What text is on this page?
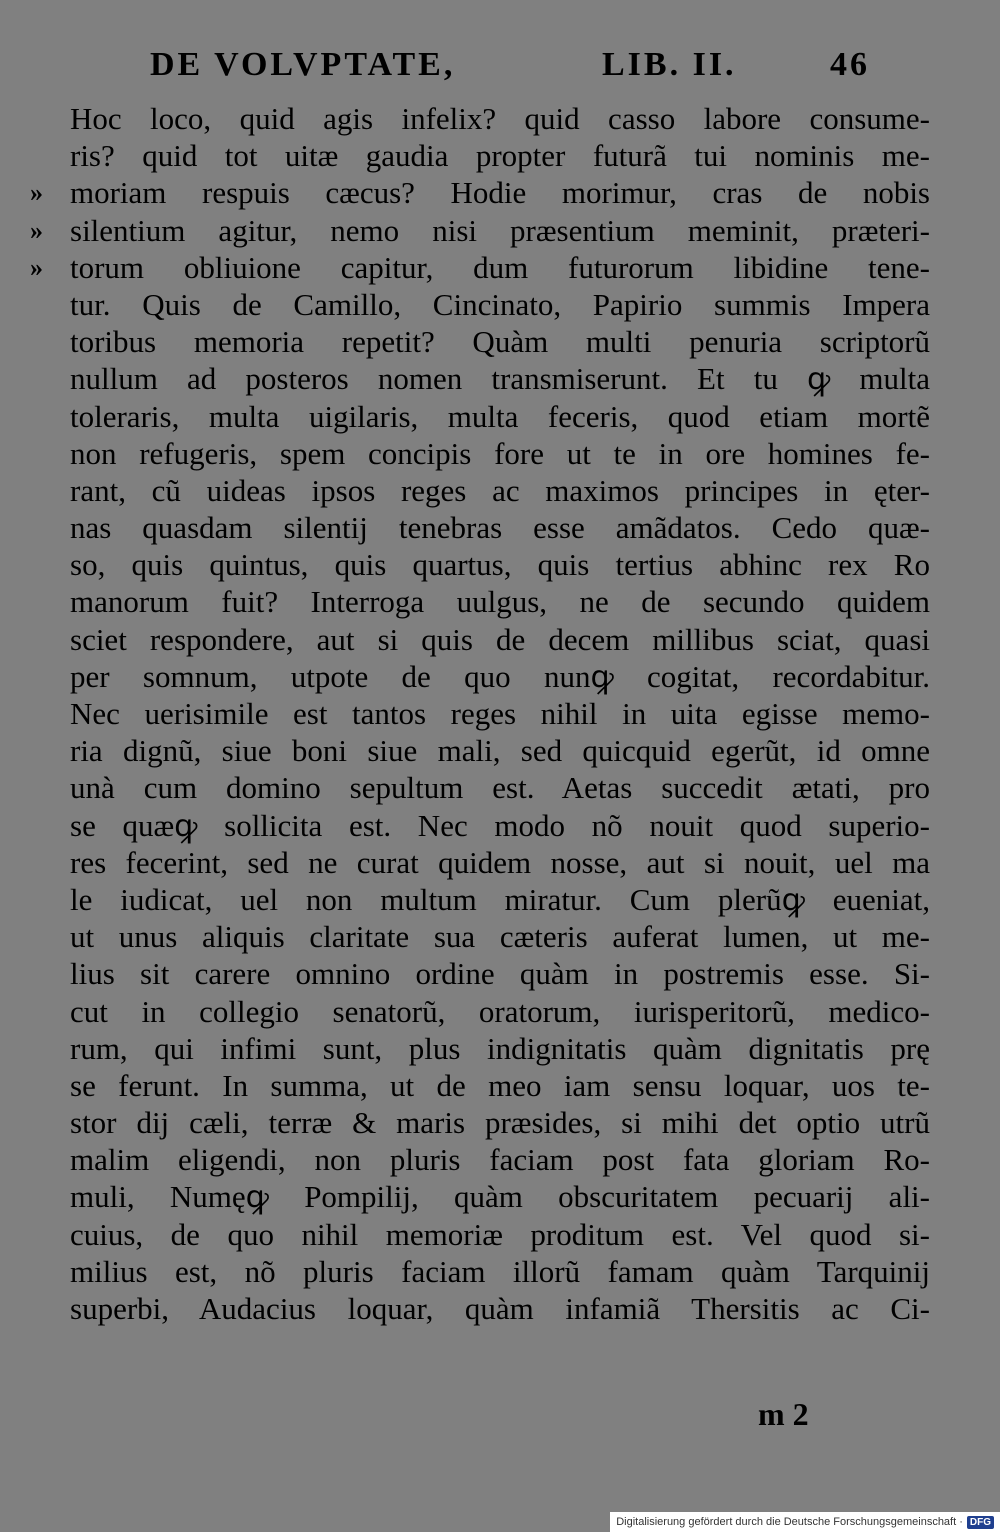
DE VOLVPTATE,	LIB. II.	46
»
»
»
Hoc loco, quid agis infelix? quid casso labore consume-
ris? quid tot uitæ gaudia propter futurã tui nominis me-
moriam respuis cæcus? Hodie morimur, cras de nobis
silentium agitur, nemo nisi præsentium meminit, præteri-
torum obliuione capitur, dum futurorum libidine tene-
tur. Quis de Camillo, Cincinato, Papirio summis Impera
toribus memoria repetit? Quàm multi penuria scriptorũ
nullum ad posteros nomen transmiserunt. Et tu ꝙ multa
toleraris, multa uigilaris, multa feceris, quod etiam mortẽ
non refugeris, spem concipis fore ut te in ore homines fe-
rant, cũ uideas ipsos reges ac maximos principes in ęter-
nas quasdam silentij tenebras esse amãdatos. Cedo quæ-
so, quis quintus, quis quartus, quis tertius abhinc rex Ro
manorum fuit? Interroga uulgus, ne de secundo quidem
sciet respondere, aut si quis de decem millibus sciat, quasi
per somnum, utpote de quo nunꝙ cogitat, recordabitur.
Nec uerisimile est tantos reges nihil in uita egisse memo-
ria dignũ, siue boni siue mali, sed quicquid egerũt, id omne
unà cum domino sepultum est. Aetas succedit ætati, pro
se quæꝙ sollicita est. Nec modo nõ nouit quod superio-
res fecerint, sed ne curat quidem nosse, aut si nouit, uel ma
le iudicat, uel non multum miratur. Cum plerũꝙ eueniat,
ut unus aliquis claritate sua cæteris auferat lumen, ut me-
lius sit carere omnino ordine quàm in postremis esse. Si-
cut in collegio senatorũ, oratorum, iurisperitorũ, medico-
rum, qui infimi sunt, plus indignitatis quàm dignitatis prę
se ferunt. In summa, ut de meo iam sensu loquar, uos te-
stor dij cæli, terræ & maris præsides, si mihi det optio utrũ
malim eligendi, non pluris faciam post fata gloriam Ro-
muli, Numęꝙ Pompilij, quàm obscuritatem pecuarij ali-
cuius, de quo nihil memoriæ proditum est. Vel quod si-
milius est, nõ pluris faciam illorũ famam quàm Tarquinij
superbi, Audacius loquar, quàm infamiã Thersitis ac Ci-
m 2
Digitalisierung gefördert durch die Deutsche Forschungsgemeinschaft · DFG
